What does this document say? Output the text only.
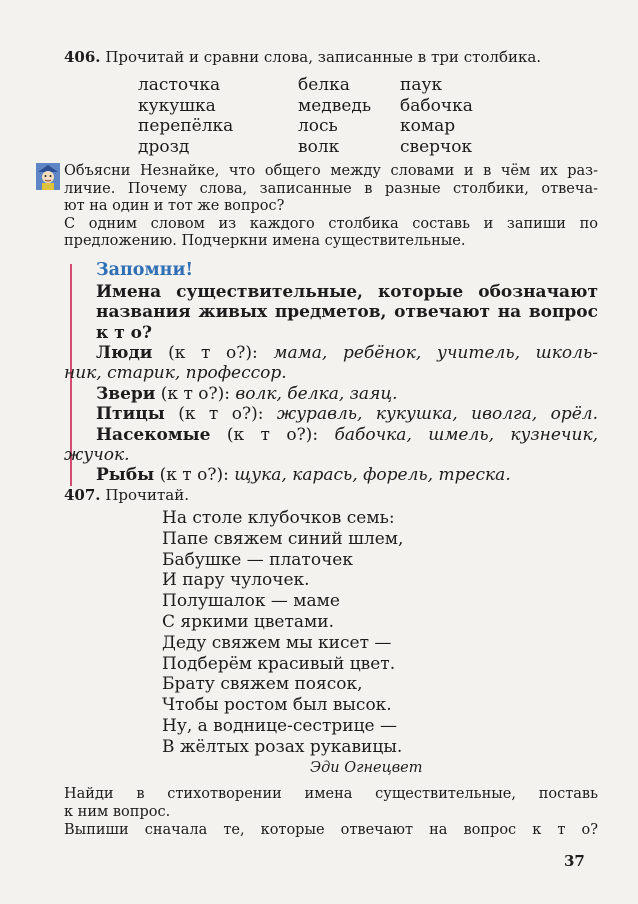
406. Прочитай и сравни слова, записанные в три столбика.
ласточка
кукушка
перепёлка
дрозд
белка
медведь
лось
волк
паук
бабочка
комар
сверчок
Объясни Незнайке, что общего между словами и в чём их раз-
личие. Почему слова, записанные в разные столбики, отвеча-
ют на один и тот же вопрос?
С одним словом из каждого столбика составь и запиши по
предложению. Подчеркни имена существительные.
Запомни!
Имена существительные, которые обозначают
названия живых предметов, отвечают на вопрос
к т о?
Люди (к т о?): мама, ребёнок, учитель, школь-
ник, старик, профессор.
Звери (к т о?): волк, белка, заяц.
Птицы (к т о?): журавль, кукушка, иволга, орёл.
Насекомые (к т о?): бабочка, шмель, кузнечик,
жучок.
Рыбы (к т о?): щука, карась, форель, треска.
407. Прочитай.
На столе клубочков семь:
Папе свяжем синий шлем,
Бабушке — платочек
И пару чулочек.
Полушалок — маме
С яркими цветами.
Деду свяжем мы кисет —
Подберём красивый цвет.
Брату свяжем поясок,
Чтобы ростом был высок.
Ну, а воднице-сестрице —
В жёлтых розах рукавицы.
Эди Огнецвет
Найди в стихотворении имена существительные, поставь
к ним вопрос.
Выпиши сначала те, которые отвечают на вопрос к т о?
37
